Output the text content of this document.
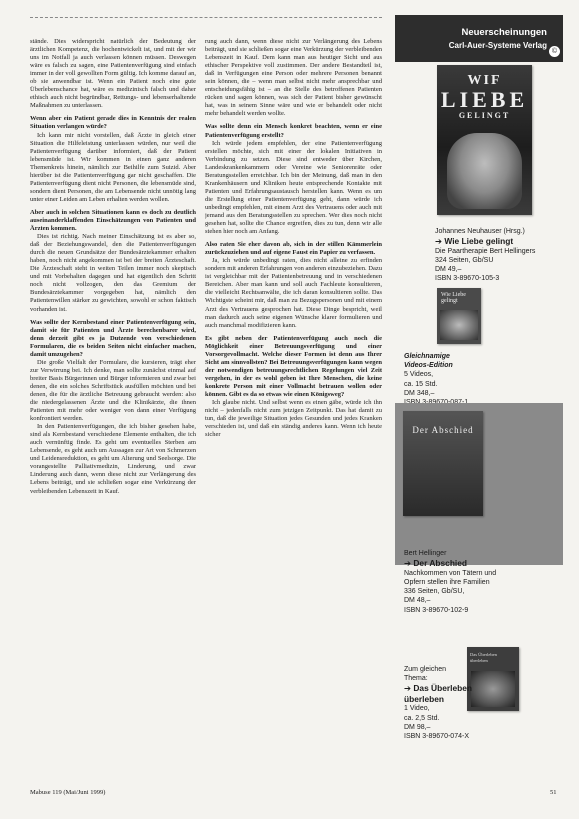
stände. Dies widerspricht natürlich der Bedeutung der ärztlichen Kompetenz, die hochentwickelt ist, und mit der wir uns im Notfall ja auch verlassen können müssen. Deswegen wäre es falsch zu sagen, eine Patientenverfügung sind einfach immer in der voll gewollten Form gültig. Ich komme darauf an, ob sie anwendbar ist. Wenn ein Patient noch eine gute Überlebenschance hat, wäre es medizinisch falsch und daher ethisch auch nicht begründbar, Rettungs- und lebenserhaltende Maßnahmen zu unterlassen.

Wenn aber ein Patient gerade dies in Kenntnis der realen Situation verlangen würde?

Ich kann mir nicht vorstellen, daß Ärzte in gleich einer Situation die Hilfeleistung unterlassen würden, nur weil die Patientenverfügung darüber informiert, daß der Patient lebensmüde ist. Wir kommen in einen ganz anderen Themenkreis hinein, nämlich zur Beihilfe zum Suizid. Aber hierüber ist die Patientenverfügung gar nicht geschaffen. Die Patientenverfügung dient nicht Personen, die lebensmüde sind, sondern dient Personen, die am Lebensende nicht unnötig lang unter einer Leiden am Leben erhalten werden wollen.

Aber auch in solchen Situationen kann es doch zu deutlich auseinanderklaffenden Einschätzungen von Patienten und Ärzten kommen.

Dies ist richtig. Nach meiner Einschätzung ist es aber so, daß der Beziehungswandel, den die Patientenverfügungen durch die neuen Grundsätze der Bundesärztekammer erhalten haben, noch nicht angekommen ist bei der breiten Ärzteschaft. Die Ärzteschaft steht in weiten Teilen immer noch skeptisch und mit Vorbehalten dagegen und hat eigentlich den Schritt noch nicht vollzogen, den das Gremium der Bundesärztekammer vorgegeben hat, nämlich den Patientenwillen stärker zu gewichten, sowohl er schon faktisch vorhanden ist.

Was sollte der Kernbestand einer Patientenverfügung sein, damit sie für Patienten und Ärzte berechenbarer wird, denn derzeit gibt es ja Dutzende von verschiedenen Formularen, die es beiden Seiten nicht einfacher machen, damit umzugehen?

Die große Vielfalt der Formulare, die kursieren, trägt eher zur Verwirrung bei. Ich denke, man sollte zunächst einmal auf breiter Basis Bürgerinnen und Bürger informieren und zwar bei denen, die ein solches Schriftstück ausfüllen möchten und bei denen, die für die ärztliche Betreuung gebraucht werden: also die niedergelassenen Ärzte und die Klinikärzte, die ihnen Patienten mit mehr oder weniger von dann einer Verfügung konfrontiert werden.

In den Patientenverfügungen, die ich bisher gesehen habe, sind als Kernbestand verschiedene Elemente enthalten, die ich auch vernünftig finde. Es geht um eventuelles Sterben am Lebensende, es geht auch um Aussagen zur Art von Schmerzen und Leidensreduktion, es geht um Alterung und Seelsorge. Die vorangestellte Palliativmedizin, Linderung, und zwar Linderung auch dann, wenn diese nicht zur Verlängerung des Lebens beiträgt, und sie schließen sogar eine Verkürzung der verbleibenden Lebenszeit in Kauf.

rung auch dann, wenn diese nicht zur Verlängerung des Lebens beiträgt, und sie schließen sogar eine Verkürzung der verbleibenden Lebenszeit in Kauf. Dem kann man aus heutiger Sicht und aus ethischer Perspektive voll zustimmen. Der andere Bestandteil ist, daß in Verfügungen eine Person oder mehrere Personen benannt sein können, die – wenn man selbst nicht mehr ansprechbar und entscheidungsfähig ist – an die Stelle des betroffenen Patienten rücken und sagen können, was sich der Patient bisher gewünscht hat, was in seinem Sinne wäre und wie er behandelt oder nicht mehr behandelt werden wollte.

Was sollte denn ein Mensch konkret beachten, wenn er eine Patientenverfügung erstellt?

Ich würde jedem empfehlen, der eine Patientenverfügung erstellen möchte, sich mit einer der lokalen Initiativen in Verbindung zu setzen. Diese sind entweder über Kirchen, Landeskrankenkammern oder Vereine wie Seniorenräte oder Beratungsstellen erreichbar. Ich bin der Meinung, daß man in den Krankenhäusern und Kliniken heute entsprechende Kontakte mit Patienten und Erfahrungsaustausch herstellen kann. Wenn es um die Erstellung einer Patientenverfügung geht, dann würde ich unbedingt empfehlen, mit einem Arzt des Vertrauens oder auch mit jemand aus den Beratungsstellen zu sprechen. Wer dies noch nicht gesehen hat, sollte die Chance ergreifen, dies zu tun, denn wir alle stehen hier noch am Anfang.

Also raten Sie eher davon ab, sich in der stillen Kämmerlein zurückzuziehen und auf eigene Faust ein Papier zu verfassen.

Ja, ich würde unbedingt raten, dies nicht alleine zu erfinden sondern mit anderen Erfahrungen von anderen einzubeziehen. Dazu ist vergleichbar mit der Patientenbetreuung und in verschiedenen Bereichen. Aber man kann und soll auch Fachleute konsultieren, die vielleicht Rechtsanwälte, die ich daran konsultieren sollte. Das Wichtigste scheint mir, daß man zu Bezugspersonen und mit einem Arzt des Vertrauens gesprochen hat. Diese Dinge bespricht, weil man dadurch auch seine eigenen Wünsche klarer formulieren und auch manchmal modifizieren kann.

Es gibt neben der Patientenverfügung auch noch die Möglichkeit einer Betreuungsverfügung und einer Vorsorgevollmacht. Welche dieser Formen ist denn aus Ihrer Sicht am sinnvollsten? Bei Betreuungsverfügungen kann wegen der notwendigen betreuungsrechtlichen Regelungen viel Zeit vergehen, in der es wohl geben ist Ihre Menschen, die keine konkrete Person mit einer Vollmacht betrauen wollen oder können. Gibt es da so etwas wie einen Königsweg?

Ich glaube nicht. Und selbst wenn es einen gäbe, würde ich ihn nicht – jedenfalls nicht zum jetzigen Zeitpunkt. Das hat damit zu tun, daß die jeweilige Situation jedes Gesunden und jedes Kranken verschieden ist, und daß ein ständig anderes kann. Wenn ich heute sicher

Neuerscheinungen
Carl-Auer-Systeme Verlag
©
WIF
LIEBE
GELINGT
Johannes Neuhauser (Hrsg.)
➔ Wie Liebe gelingt
Die Paartherapie Bert Hellingers
324 Seiten, Gb/SU
DM 49,–
ISBN 3-89670-105-3
Wie Liebe
gelingt
Gleichnamige
Videos-Edition
5 Videos,
ca. 15 Std.
DM 348,–
Der Abschied
Bert Hellinger
➔ Der Abschied
Nachkommen von Tätern und
Opfern stellen ihre Familien
336 Seiten, Gb/SU,
DM 48,–
ISBN 3-89670-102-9
Das Überleben
überleben
Zum gleichen
Thema:
➔ Das Überleben
überleben
1 Video,
ca. 2,5 Std.
DM 98,–
ISBN 3-89670-074-X
Mabuse 119 (Mai/Juni 1999)	51
